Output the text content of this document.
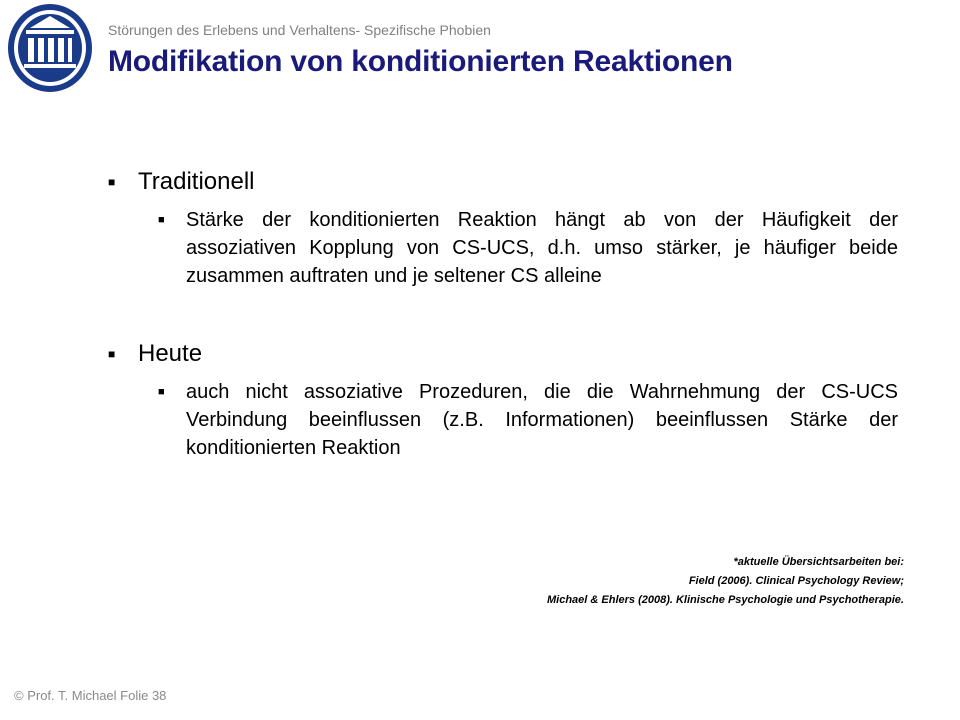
Störungen des Erlebens und Verhaltens- Spezifische Phobien
Modifikation von konditionierten Reaktionen
■ Traditionell
■	Stärke der konditionierten Reaktion hängt ab von der Häufigkeit der assoziativen Kopplung von CS-UCS, d.h. umso stärker, je häufiger beide zusammen auftraten und je seltener CS alleine
■ Heute
■	auch nicht assoziative Prozeduren, die die Wahrnehmung der CS-UCS Verbindung beeinflussen (z.B. Informationen) beeinflussen Stärke der konditionierten Reaktion
*aktuelle Übersichtsarbeiten bei:
Field (2006). Clinical Psychology Review;
Michael & Ehlers (2008). Klinische Psychologie und Psychotherapie.
© Prof. T. Michael Folie 38
